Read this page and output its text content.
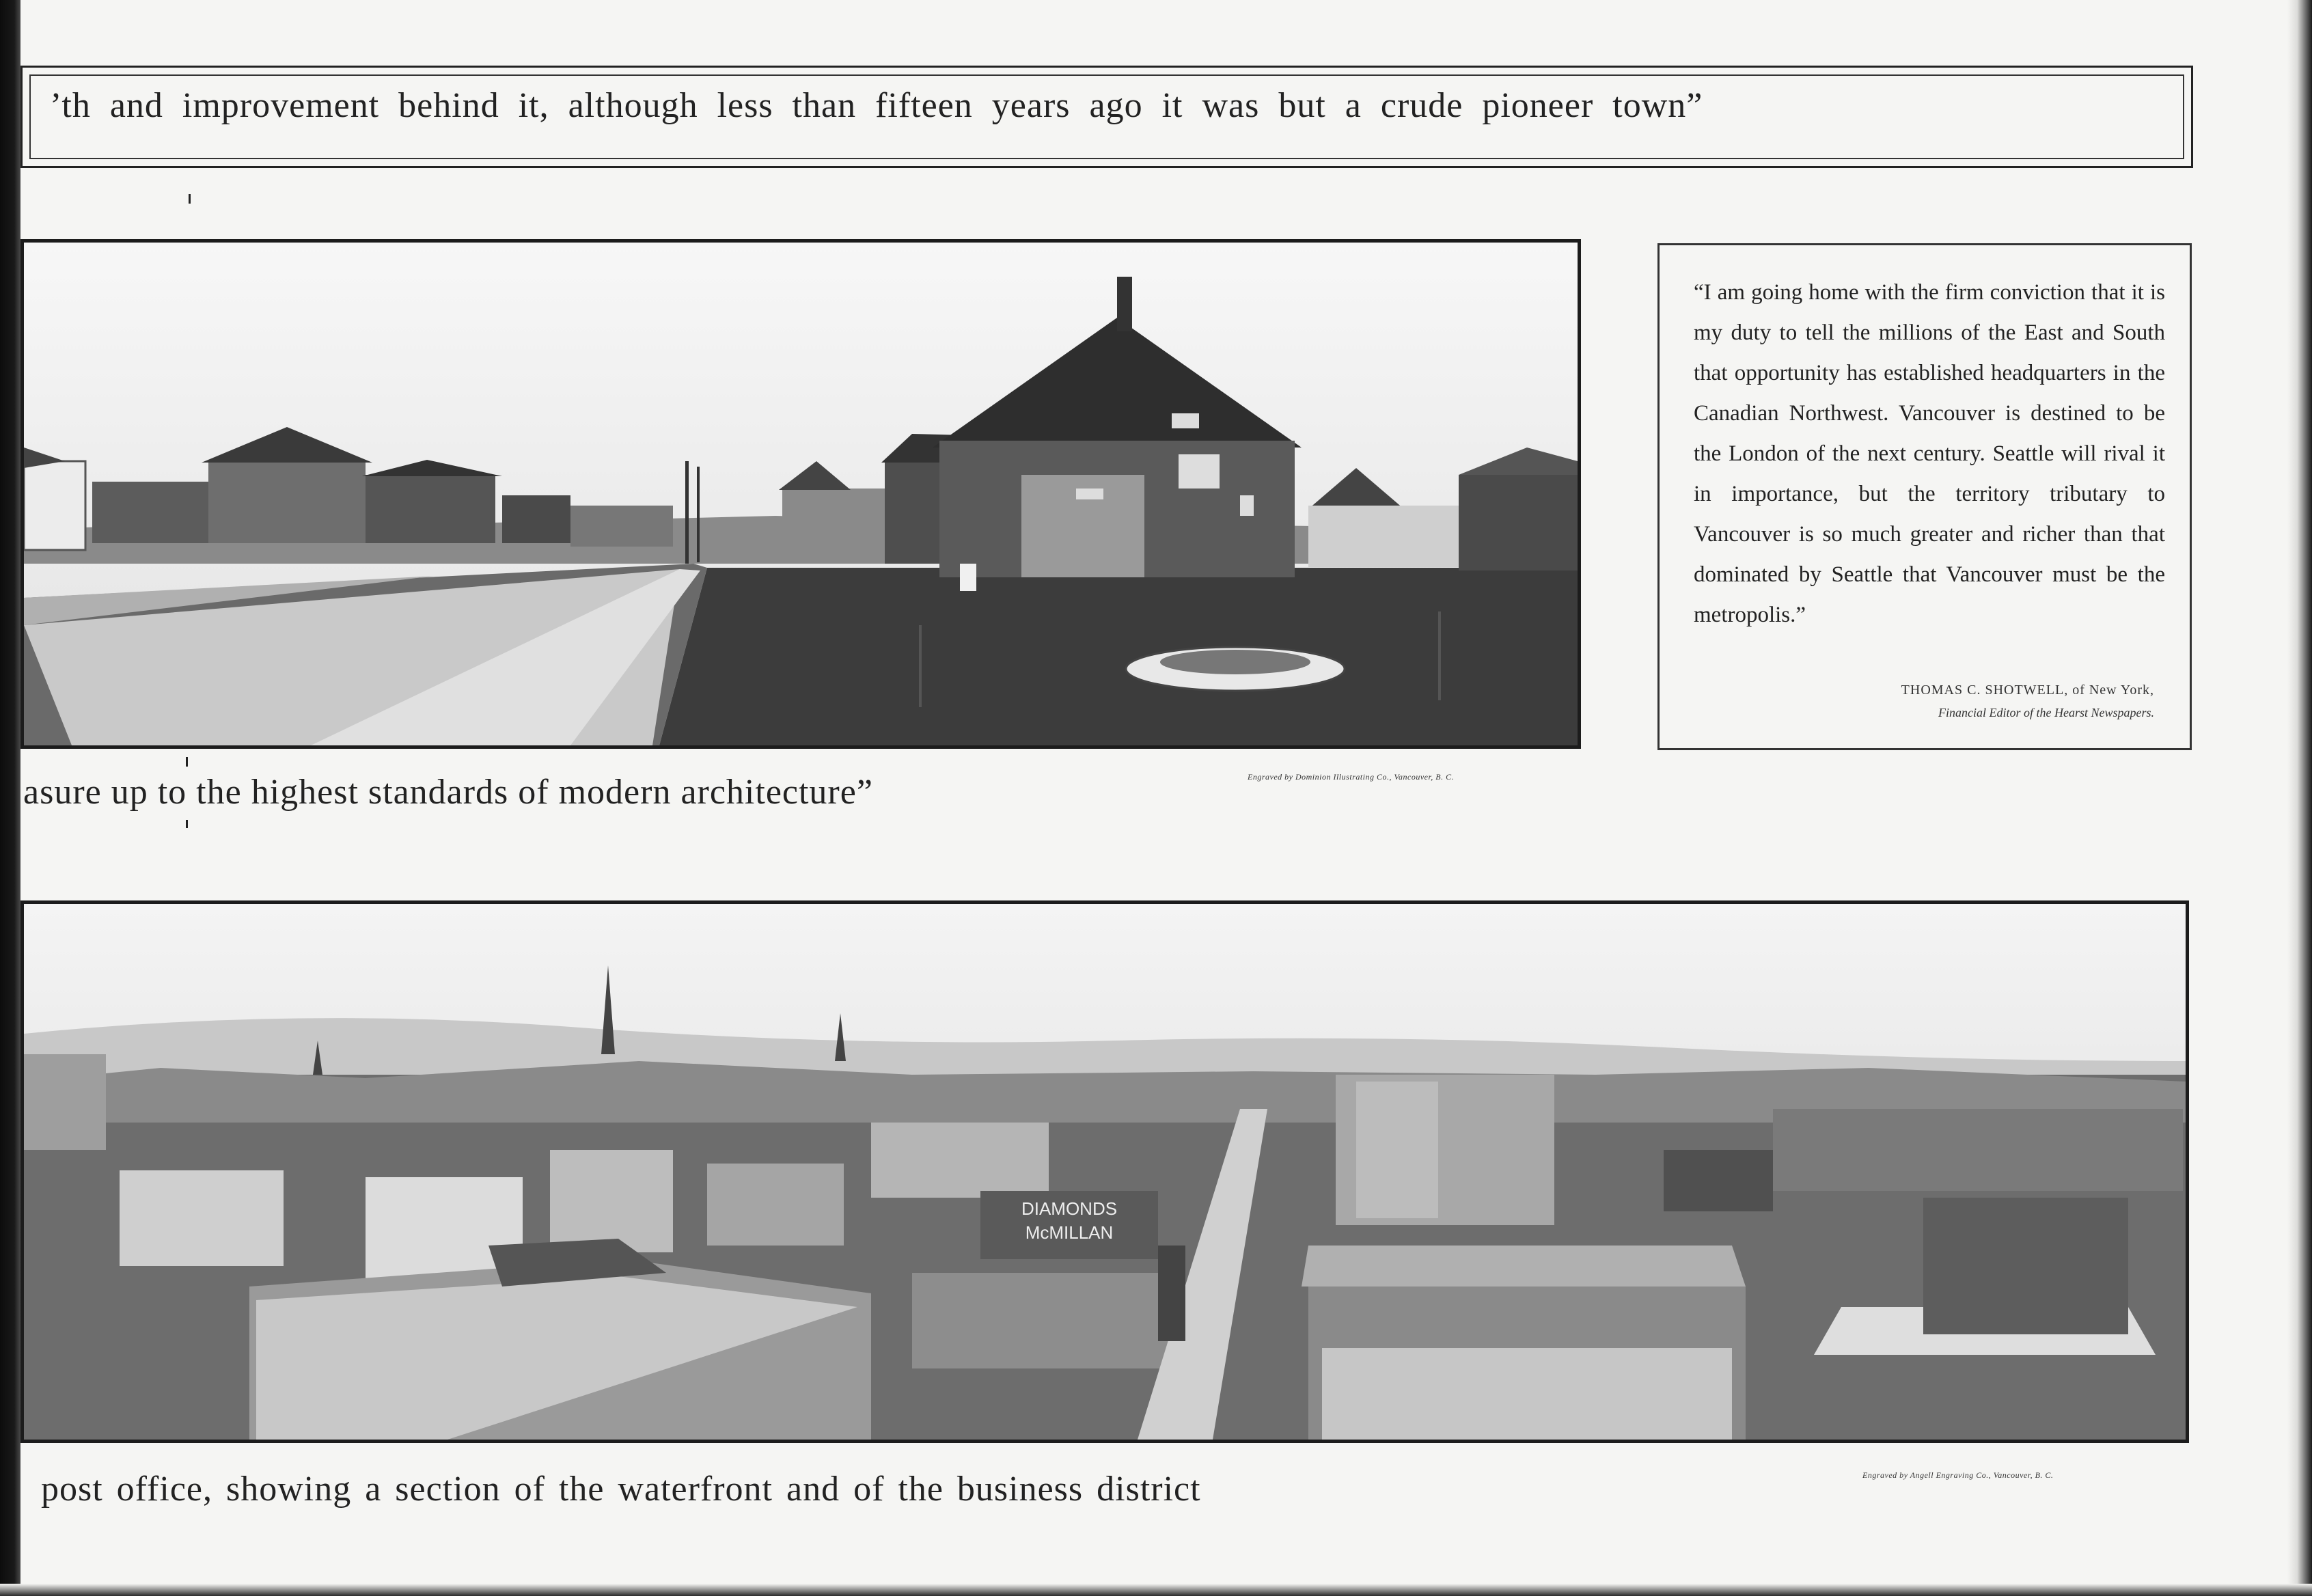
’th and improvement behind it, although less than fifteen years ago it was but a crude pioneer town”
asure up to the highest standards of modern architecture”	Engraved by Dominion Illustrating Co., Vancouver, B. C.
“I am going home with the firm conviction that it is my duty to tell the millions of the East and South that opportunity has established headquarters in the Canadian Northwest. Vancouver is destined to be the London of the next century. Seattle will rival it in importance, but the territory tributary to Vancouver is so much greater and richer than that dominated by Seattle that Vancouver must be the metropolis.”
THOMAS C. SHOTWELL, of New York,
Financial Editor of the Hearst Newspapers.
DIAMONDS
McMILLAN
post office, showing a section of the waterfront and of the business district	Engraved by Angell Engraving Co., Vancouver, B. C.
